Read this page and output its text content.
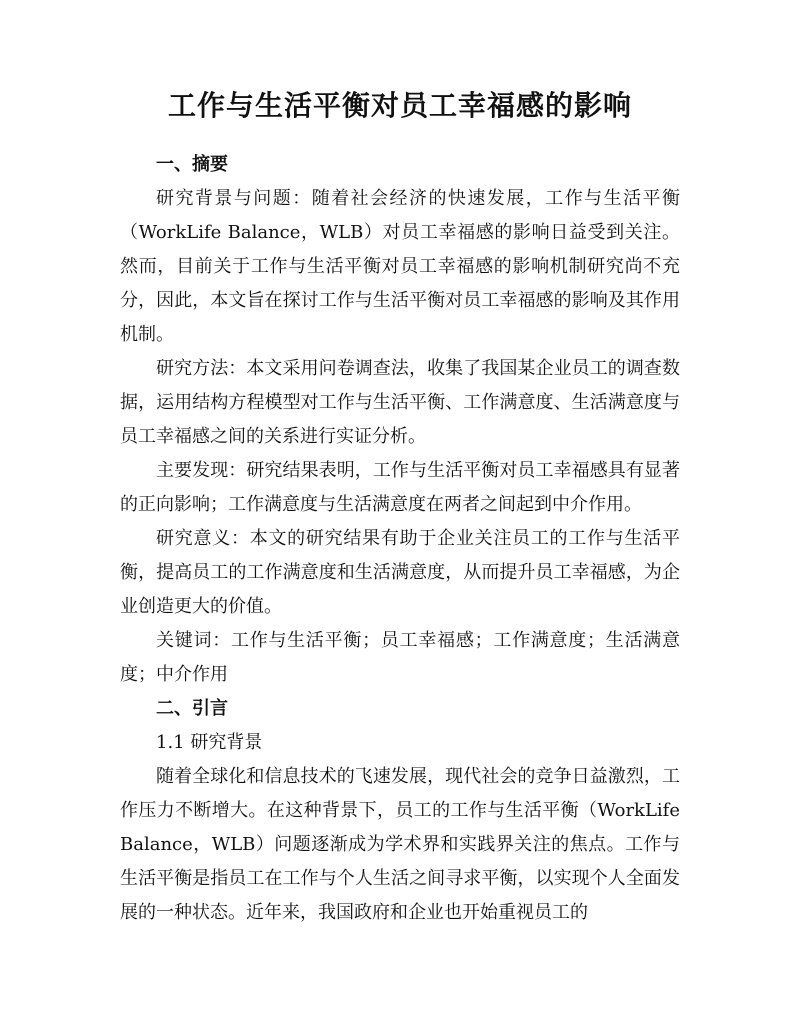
工作与生活平衡对员工幸福感的影响
一、摘要

研究背景与问题：随着社会经济的快速发展，工作与生活平衡（WorkLife Balance，WLB）对员工幸福感的影响日益受到关注。然而，目前关于工作与生活平衡对员工幸福感的影响机制研究尚不充分，因此，本文旨在探讨工作与生活平衡对员工幸福感的影响及其作用机制。

研究方法：本文采用问卷调查法，收集了我国某企业员工的调查数据，运用结构方程模型对工作与生活平衡、工作满意度、生活满意度与员工幸福感之间的关系进行实证分析。

主要发现：研究结果表明，工作与生活平衡对员工幸福感具有显著的正向影响；工作满意度与生活满意度在两者之间起到中介作用。

研究意义：本文的研究结果有助于企业关注员工的工作与生活平衡，提高员工的工作满意度和生活满意度，从而提升员工幸福感，为企业创造更大的价值。

关键词：工作与生活平衡；员工幸福感；工作满意度；生活满意度；中介作用

二、引言
1.1 研究背景

随着全球化和信息技术的飞速发展，现代社会的竞争日益激烈，工作压力不断增大。在这种背景下，员工的工作与生活平衡（WorkLife Balance，WLB）问题逐渐成为学术界和实践界关注的焦点。工作与生活平衡是指员工在工作与个人生活之间寻求平衡，以实现个人全面发展的一种状态。近年来，我国政府和企业也开始重视员工的
